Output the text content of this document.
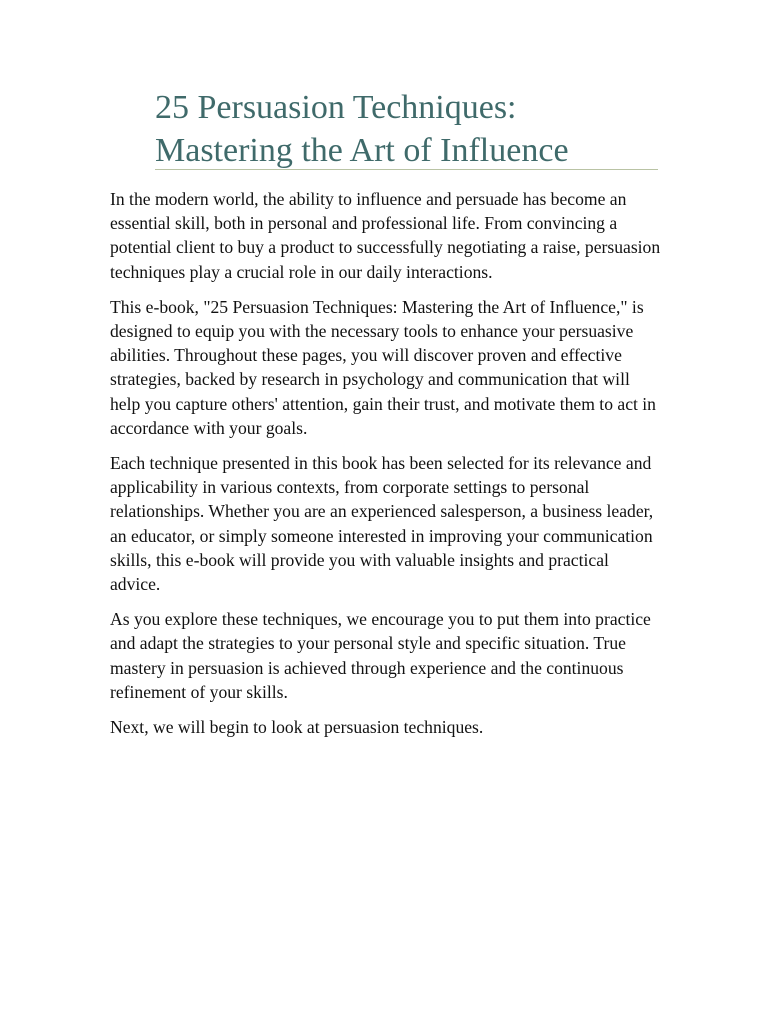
25 Persuasion Techniques:
Mastering the Art of Influence

In the modern world, the ability to influence and persuade has become an essential skill, both in personal and professional life. From convincing a potential client to buy a product to successfully negotiating a raise, persuasion techniques play a crucial role in our daily interactions.

This e-book, "25 Persuasion Techniques: Mastering the Art of Influence," is designed to equip you with the necessary tools to enhance your persuasive abilities. Throughout these pages, you will discover proven and effective strategies, backed by research in psychology and communication that will help you capture others' attention, gain their trust, and motivate them to act in accordance with your goals.

Each technique presented in this book has been selected for its relevance and applicability in various contexts, from corporate settings to personal relationships. Whether you are an experienced salesperson, a business leader, an educator, or simply someone interested in improving your communication skills, this e-book will provide you with valuable insights and practical advice.

As you explore these techniques, we encourage you to put them into practice and adapt the strategies to your personal style and specific situation. True mastery in persuasion is achieved through experience and the continuous refinement of your skills.

Next, we will begin to look at persuasion techniques.
